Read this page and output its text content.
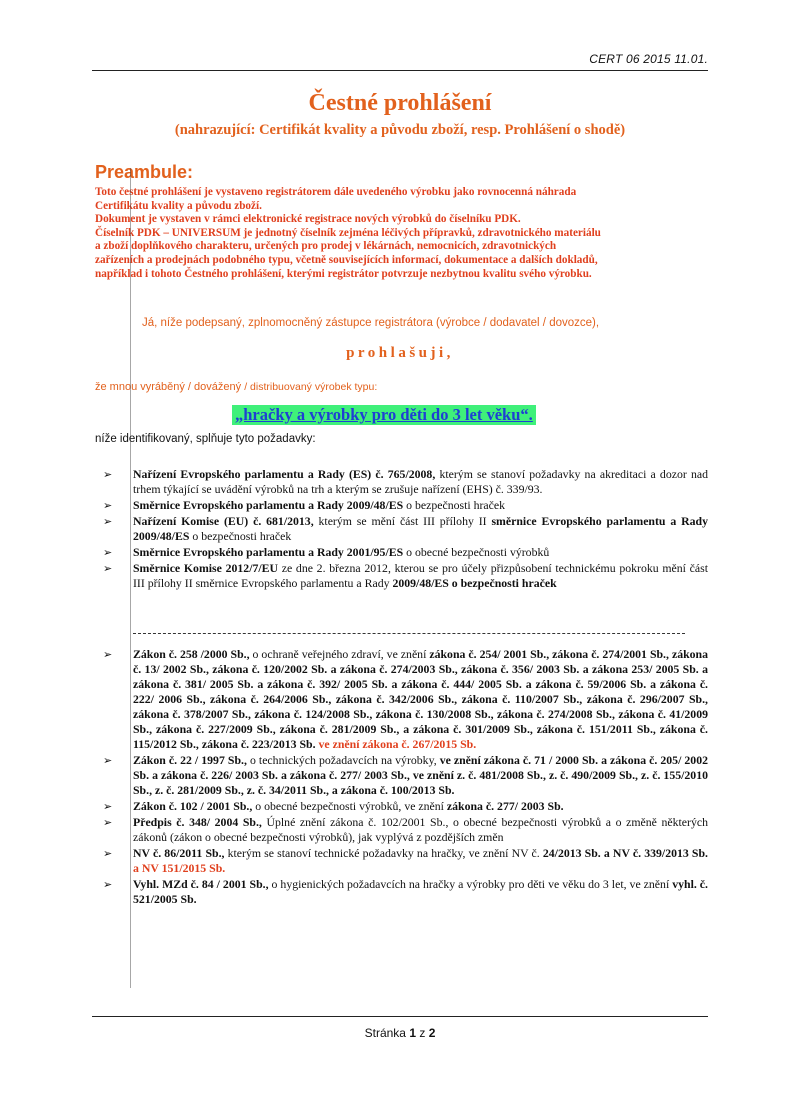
CERT 06 2015 11.01.
Čestné prohlášení
(nahrazující: Certifikát kvality a původu zboží, resp. Prohlášení o shodě)
Preambule:

Toto čestné prohlášení je vystaveno registrátorem dále uvedeného výrobku jako rovnocenná náhrada

Certifikátu kvality a původu zboží.

Dokument je vystaven v rámci elektronické registrace nových výrobků do číselníku PDK.

Číselník PDK – UNIVERSUM je jednotný číselník zejména léčivých přípravků, zdravotnického materiálu

a zboží doplňkového charakteru, určených pro prodej v lékárnách, nemocnicích, zdravotnických

zařízeních a prodejnách podobného typu, včetně souvisejících informací, dokumentace a dalších dokladů,

například i tohoto Čestného prohlášení, kterými registrátor potvrzuje nezbytnou kvalitu svého výrobku.

Já, níže podepsaný, zplnomocněný zástupce registrátora (výrobce / dodavatel / dovozce),
prohlašuji,
že mnou vyráběný / dovážený / distribuovaný výrobek typu:
„hračky a výrobky pro děti do 3 let věku“.
níže identifikovaný, splňuje tyto požadavky:
➢ Nařízení Evropského parlamentu a Rady (ES) č. 765/2008, kterým se stanoví požadavky na akreditaci a dozor nad trhem týkající se uvádění výrobků na trh a kterým se zrušuje nařízení (EHS) č. 339/93.
➢ Směrnice Evropského parlamentu a Rady 2009/48/ES o bezpečnosti hraček
➢ Nařízení Komise (EU) č. 681/2013, kterým se mění část III přílohy II směrnice Evropského parlamentu a Rady 2009/48/ES o bezpečnosti hraček
➢ Směrnice Evropského parlamentu a Rady 2001/95/ES o obecné bezpečnosti výrobků
➢ Směrnice Komise 2012/7/EU ze dne 2. března 2012, kterou se pro účely přizpůsobení technickému pokroku mění část III přílohy II směrnice Evropského parlamentu a Rady 2009/48/ES o bezpečnosti hraček
➢ Zákon č. 258 /2000 Sb., o ochraně veřejného zdraví, ve znění zákona č. 254/ 2001 Sb., zákona č. 274/2001 Sb., zákona č. 13/ 2002 Sb., zákona č. 120/2002 Sb. a zákona č. 274/2003 Sb., zákona č. 356/ 2003 Sb. a zákona 253/ 2005 Sb. a zákona č. 381/ 2005 Sb. a zákona č. 392/ 2005 Sb. a zákona č. 444/ 2005 Sb. a zákona č. 59/2006 Sb. a zákona č. 222/ 2006 Sb., zákona č. 264/2006 Sb., zákona č. 342/2006 Sb., zákona č. 110/2007 Sb., zákona č. 296/2007 Sb., zákona č. 378/2007 Sb., zákona č. 124/2008 Sb., zákona č. 130/2008 Sb., zákona č. 274/2008 Sb., zákona č. 41/2009 Sb., zákona č. 227/2009 Sb., zákona č. 281/2009 Sb., a zákona č. 301/2009 Sb., zákona č. 151/2011 Sb., zákona č. 115/2012 Sb., zákona č. 223/2013 Sb. ve znění zákona č. 267/2015 Sb.
➢ Zákon č. 22 / 1997 Sb., o technických požadavcích na výrobky, ve znění zákona č. 71 / 2000 Sb. a zákona č. 205/ 2002 Sb. a zákona č. 226/ 2003 Sb. a zákona č. 277/ 2003 Sb., ve znění z. č. 481/2008 Sb., z. č. 490/2009 Sb., z. č. 155/2010 Sb., z. č. 281/2009 Sb., z. č. 34/2011 Sb., a zákona č. 100/2013 Sb.
➢ Zákon č. 102 / 2001 Sb., o obecné bezpečnosti výrobků, ve znění zákona č. 277/ 2003 Sb.
➢ Předpis č. 348/ 2004 Sb., Úplné znění zákona č. 102/2001 Sb., o obecné bezpečnosti výrobků a o změně některých zákonů (zákon o obecné bezpečnosti výrobků), jak vyplývá z pozdějších změn
➢ NV č. 86/2011 Sb., kterým se stanoví technické požadavky na hračky, ve znění NV č. 24/2013 Sb. a NV č. 339/2013 Sb. a NV 151/2015 Sb.
➢ Vyhl. MZd č. 84 / 2001 Sb., o hygienických požadavcích na hračky a výrobky pro děti ve věku do 3 let, ve znění vyhl. č. 521/2005 Sb.
Stránka 1 z 2
